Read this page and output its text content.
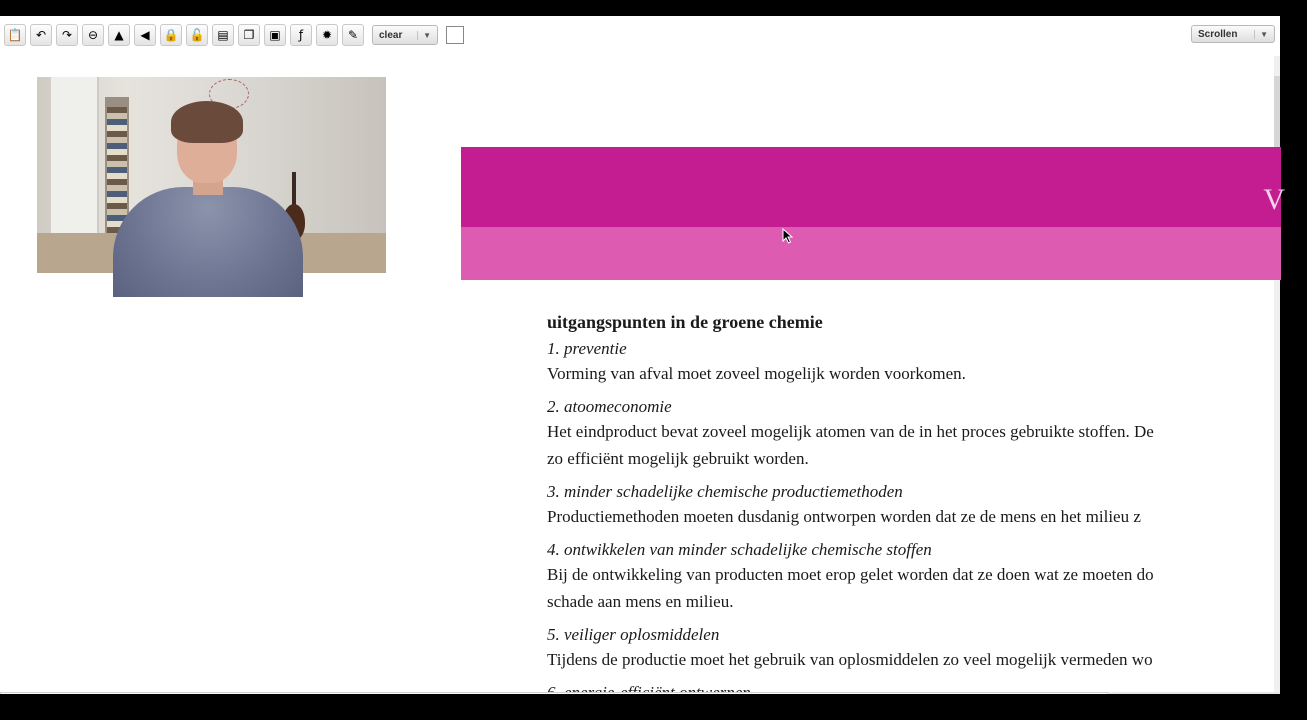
📋 ↶ ↷ ⊖ ▲ ◀ 🔒 🔓 ▤ ❐ ▣ ƒ ✹ ✎ clear	▼	Scrollen	▼
V
uitgangspunten in de groene chemie
1. preventie
Vorming van afval moet zoveel mogelijk worden voorkomen.
2. atoomeconomie
Het eindproduct bevat zoveel mogelijk atomen van de in het proces gebruikte stoffen. De
zo efficiënt mogelijk gebruikt worden.
3. minder schadelijke chemische productiemethoden
Productiemethoden moeten dusdanig ontworpen worden dat ze de mens en het milieu z
4. ontwikkelen van minder schadelijke chemische stoffen
Bij de ontwikkeling van producten moet erop gelet worden dat ze doen wat ze moeten do
schade aan mens en milieu.
5. veiliger oplosmiddelen
Tijdens de productie moet het gebruik van oplosmiddelen zo veel mogelijk vermeden wo
